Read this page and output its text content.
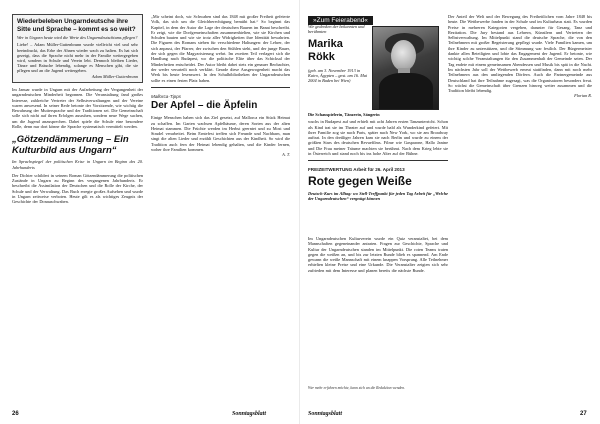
Wiederbeleben Ungarndeutsche ihre Sitte und Sprache – kommt es so weit?
Wer in Ungarn heute wird die Werte des Ungarndeutschtums pflegen?
Liebe! – Adam Müller-Guttenbrunn wurde vielleicht viel und sehr beeindruckt, das Erbe der Ahnen wieder wach zu halten. Es hat sich gezeigt, dass die Sprache nicht mehr in der Familie weitergegeben wird, sondern in Schule und Verein lebt. Dennoch bleiben Lieder, Tänze und Bräuche lebendig, solange es Menschen gibt, die sie pflegen und an die Jugend weitergeben.
Adam Müller-Guttenbrunn
Im Januar wurde in Ungarn mit der Aufarbeitung der Vergangenheit der ungarndeutschen Minderheit begonnen. Die Veranstaltung fand großes Interesse, zahlreiche Vertreter der Selbstverwaltungen und der Vereine waren anwesend. In seiner Rede betonte der Vorsitzende, wie wichtig die Bewahrung der Muttersprache und der Traditionen sei. Die Gemeinschaft solle sich nicht auf ihren Erfolgen ausruhen, sondern neue Wege suchen, um die Jugend anzusprechen. Dabei spiele die Schule eine besondere Rolle, denn nur dort könne die Sprache systematisch vermittelt werden.
„Götzendämmerung – Ein Kulturbild aus Ungarn“
Im Sprachspiegel der politischen Krise in Ungarn im Beginn des 20. Jahrhunderts
Der Dichter schildert in seinem Roman Götzendämmerung die politischen Zustände in Ungarn zu Beginn des vergangenen Jahrhunderts. Er beschreibt die Assimilation der Deutschen und die Rolle der Kirche, der Schule und der Verwaltung. Das Buch erregte großes Aufsehen und wurde in Ungarn zeitweise verboten. Heute gilt es als wichtiges Zeugnis der Geschichte der Donauschwaben.
„Mir scheint doch, wir Schwaben sind das 1848 mit großer Freiheit gefeierte Volk, das sich um die Gleichberechtigung bemüht hat.“ So beginnt das Kapitel, in dem der Autor die Lage der deutschen Bauern im Banat beschreibt. Er zeigt, wie die Dorfgemeinschaften zusammenhielten, wie sie Kirchen und Schulen bauten und wie sie trotz aller Widrigkeiten ihre Identität bewahrten. Die Figuren des Romans stehen für verschiedene Haltungen: der Lehrer, der sich anpasst, der Pfarrer, der zwischen den Stühlen steht, und der junge Bauer, der sich gegen die Magyarisierung wehrt. Im zweiten Teil verlagert sich die Handlung nach Budapest, wo die politische Elite über das Schicksal der Minderheiten entscheidet. Der Autor bleibt dabei stets ein genauer Beobachter, der weder verurteilt noch verklärt. Gerade diese Ausgewogenheit macht das Werk bis heute lesenswert. In den Schulbibliotheken der Ungarndeutschen sollte es einen festen Platz haben.
Mallorca-Tipps
Der Apfel – die Äpfelin
Einige Menschen haben sich das Ziel gesetzt, auf Mallorca ein Stück Heimat zu schaffen. Im Garten wachsen Apfelbäume, deren Sorten aus der alten Heimat stammen. Die Früchte werden im Herbst geerntet und zu Most und Strudel verarbeitet. Beim Erntefest treffen sich Freunde und Nachbarn, man singt die alten Lieder und erzählt Geschichten aus der Kindheit. So wird die Tradition auch fern der Heimat lebendig gehalten, und die Kinder lernen, woher ihre Familien kommen.
A. T.
26	Sonntagsblatt
»Zum Feierabend«
Wir gedenken der bekannten und berühmten
Marika Rökk
(geb. am 3. November 1913 in Kairo, Ägypten – gest. am 16. Mai 2004 in Baden bei Wien)
Die Schauspielerin, Tänzerin, Sängerin
wuchs in Budapest auf und erhielt mit acht Jahren ersten Tanzunterricht. Schon als Kind trat sie im Theater auf und wurde bald als Wunderkind gefeiert. Mit ihrer Familie zog sie nach Paris, später nach New York, wo sie am Broadway auftrat. In den dreißiger Jahren kam sie nach Berlin und wurde zu einem der größten Stars des deutschen Revuefilms. Filme wie Gasparone, Hallo Janine und Die Frau meiner Träume machten sie berühmt. Nach dem Krieg lebte sie in Österreich und stand noch bis ins hohe Alter auf der Bühne.
FREIZEITWERTUNG Arbeit für 26. April 2013
Rote gegen Weiße
Deutsch-Kurs im Alltag: wo Stell-Treffpunkt für jeden Tag Arbeit für „Welche der Ungarndeutschen“ vergnügt können
Im Ungarndeutschen Kulturverein wurde ein Quiz veranstaltet, bei dem Mannschaften gegeneinander antraten. Fragen zur Geschichte, Sprache und Kultur der Ungarndeutschen standen im Mittelpunkt. Die roten Teams traten gegen die weißen an, und bis zur letzten Runde blieb es spannend. Am Ende gewann die weiße Mannschaft mit einem knappen Vorsprung. Alle Teilnehmer erhielten kleine Preise und eine Urkunde. Die Veranstalter zeigten sich sehr zufrieden mit dem Interesse und planen bereits die nächste Runde.
Wer mehr erfahren möchte, kann sich an die Redaktion wenden.
Der Anteil der Welt und der Bewegung des Freiheitlichen vom Jahre 1848 bis heute. Die Wettbewerbe fanden in der Schule und im Kulturhaus statt. Es wurden Preise in mehreren Kategorien vergeben, darunter für Gesang, Tanz und Rezitation. Die Jury bestand aus Lehrern, Künstlern und Vertretern der Selbstverwaltung. Im Mittelpunkt stand die deutsche Sprache, die von den Teilnehmern mit großer Begeisterung gepflegt wurde. Viele Familien kamen, um ihre Kinder zu unterstützen, und die Stimmung war festlich. Der Bürgermeister dankte allen Beteiligten und lobte das Engagement der Jugend. Er betonte, wie wichtig solche Veranstaltungen für den Zusammenhalt der Gemeinde seien. Der Tag endete mit einem gemeinsamen Abendessen und Musik bis spät in die Nacht. Im nächsten Jahr soll der Wettbewerb erneut stattfinden, dann mit noch mehr Teilnehmern aus den umliegenden Dörfern. Auch die Partnergemeinde aus Deutschland hat ihre Teilnahme zugesagt, was die Organisatoren besonders freut. So wächst die Gemeinschaft über Grenzen hinweg weiter zusammen und die Tradition bleibt lebendig.
Florian R.
Sonntagsblatt	27
